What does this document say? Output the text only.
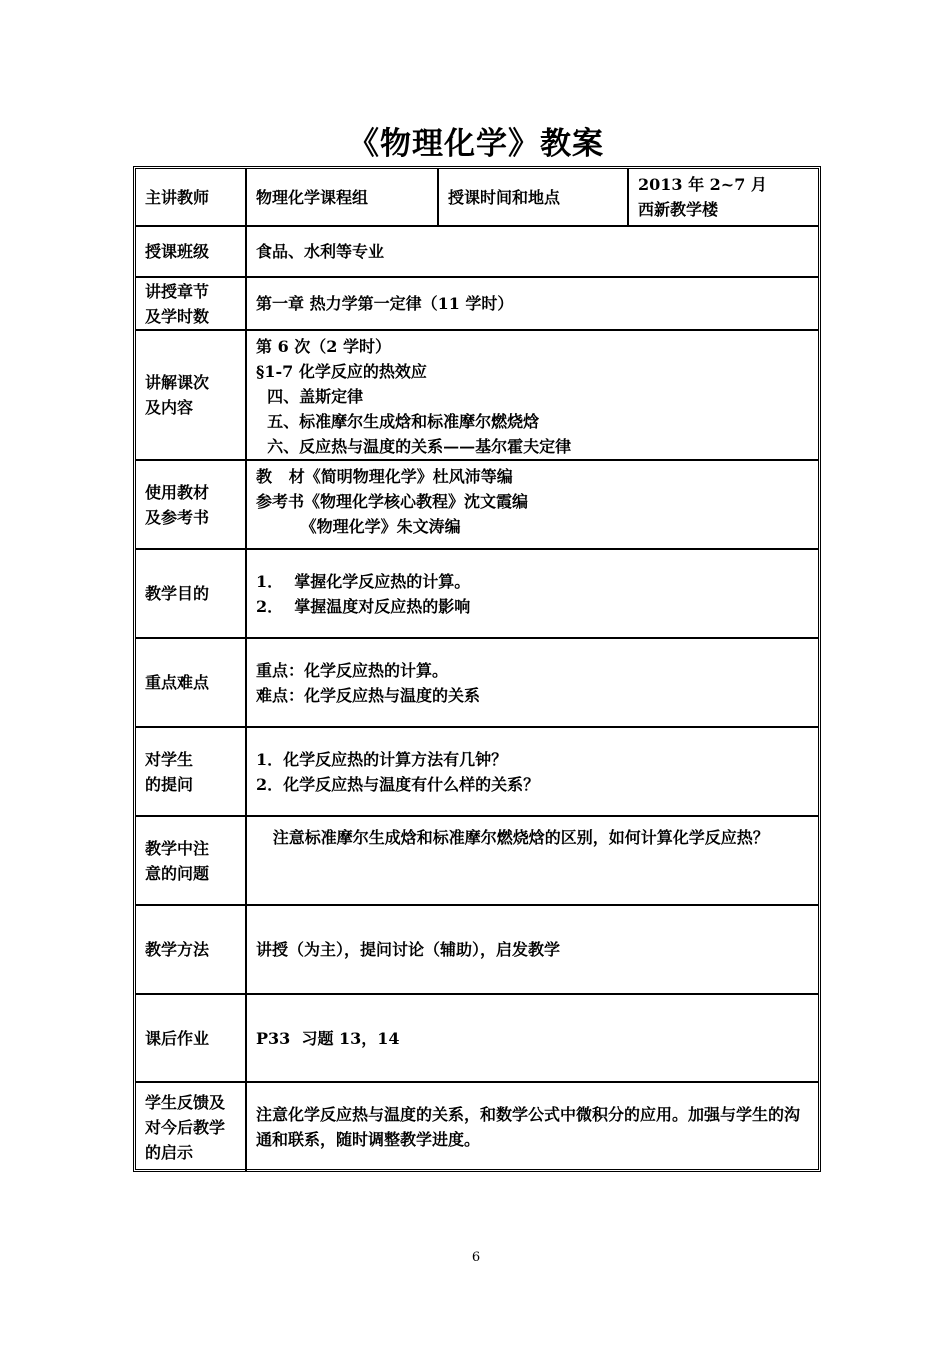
《物理化学》教案
主讲教师	物理化学课程组	授课时间和地点	2013 年 2~7 月
西新教学楼

授课班级	食品、水利等专业		

讲授章节
及学时数	第一章 热力学第一定律（11 学时）		

讲解课次
及内容	第 6 次（2 学时）
§1-7 化学反应的热效应
四、盖斯定律
五、标准摩尔生成焓和标准摩尔燃烧焓
六、反应热与温度的关系——基尔霍夫定律		

使用教材
及参考书	教   材《简明物理化学》杜风沛等编
参考书《物理化学核心教程》沈文霞编
《物理化学》朱文涛编		

教学目的	1．  掌握化学反应热的计算。
2．  掌握温度对反应热的影响		

重点难点	重点：化学反应热的计算。
难点：化学反应热与温度的关系		

对学生
的提问	1．化学反应热的计算方法有几钟？
2．化学反应热与温度有什么样的关系？		

教学中注
意的问题	注意标准摩尔生成焓和标准摩尔燃烧焓的区别，如何计算化学反应热？		

教学方法	讲授（为主），提问讨论（辅助），启发教学		

课后作业	P33  习题 13，14		

学生反馈及
对今后教学
的启示	注意化学反应热与温度的关系，和数学公式中微积分的应用。加强与学生的沟通和联系，随时调整教学进度。		
6
